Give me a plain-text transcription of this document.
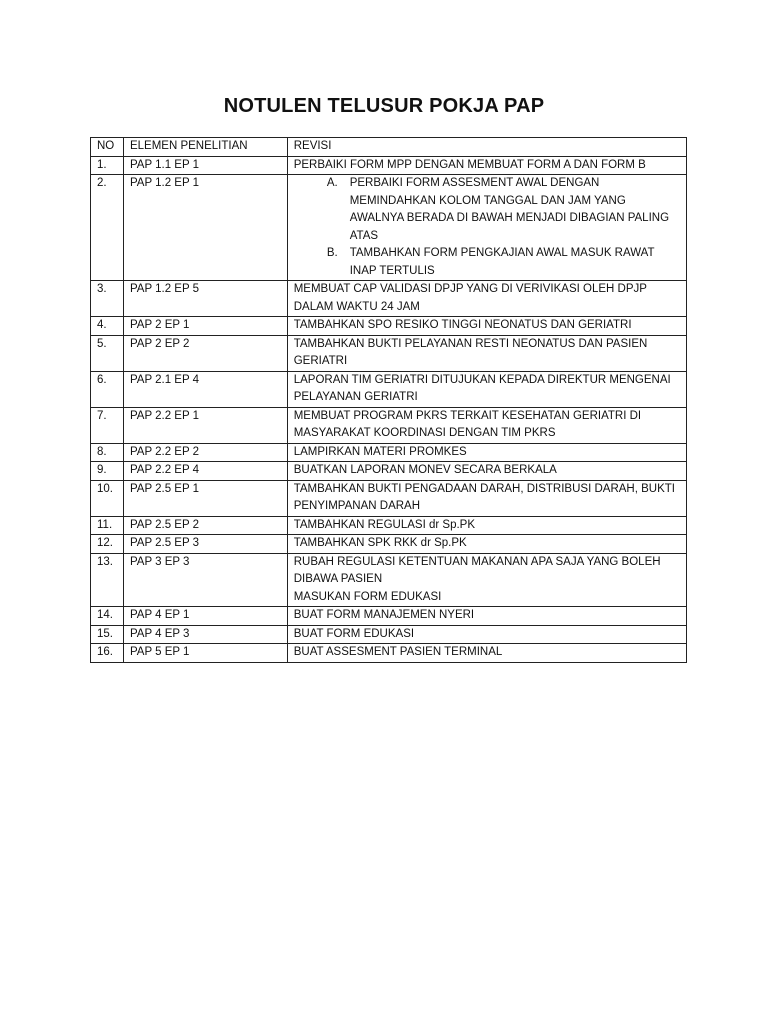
NOTULEN TELUSUR POKJA PAP
NO	ELEMEN PENELITIAN	REVISI
1.	PAP 1.1 EP 1	PERBAIKI FORM MPP DENGAN MEMBUAT FORM A DAN FORM B
2.	PAP 1.2 EP 1	A. PERBAIKI FORM ASSESMENT AWAL DENGAN MEMINDAHKAN KOLOM TANGGAL DAN JAM YANG AWALNYA BERADA DI BAWAH MENJADI DIBAGIAN PALING ATAS
B. TAMBAHKAN FORM PENGKAJIAN AWAL MASUK RAWAT INAP TERTULIS

3.	PAP 1.2 EP 5	MEMBUAT CAP VALIDASI DPJP YANG DI VERIVIKASI OLEH DPJP DALAM WAKTU 24 JAM
4.	PAP 2 EP 1	TAMBAHKAN SPO RESIKO TINGGI NEONATUS DAN GERIATRI
5.	PAP 2 EP 2	TAMBAHKAN BUKTI PELAYANAN RESTI NEONATUS DAN PASIEN GERIATRI
6.	PAP 2.1 EP 4	LAPORAN TIM GERIATRI DITUJUKAN KEPADA DIREKTUR MENGENAI PELAYANAN GERIATRI
7.	PAP 2.2 EP 1	MEMBUAT PROGRAM PKRS TERKAIT KESEHATAN GERIATRI DI MASYARAKAT KOORDINASI DENGAN TIM PKRS
8.	PAP 2.2 EP 2	LAMPIRKAN MATERI PROMKES
9.	PAP 2.2 EP 4	BUATKAN LAPORAN MONEV SECARA BERKALA
10.	PAP 2.5 EP 1	TAMBAHKAN BUKTI PENGADAAN DARAH, DISTRIBUSI DARAH, BUKTI PENYIMPANAN DARAH
11.	PAP 2.5 EP 2	TAMBAHKAN REGULASI dr Sp.PK
12.	PAP 2.5 EP 3	TAMBAHKAN SPK RKK dr Sp.PK
13.	PAP 3 EP 3	RUBAH REGULASI KETENTUAN MAKANAN APA SAJA YANG BOLEH DIBAWA PASIEN
MASUKAN FORM EDUKASI

14.	PAP 4 EP 1	BUAT FORM MANAJEMEN NYERI
15.	PAP 4 EP 3	BUAT FORM EDUKASI
16.	PAP 5 EP 1	BUAT ASSESMENT PASIEN TERMINAL
